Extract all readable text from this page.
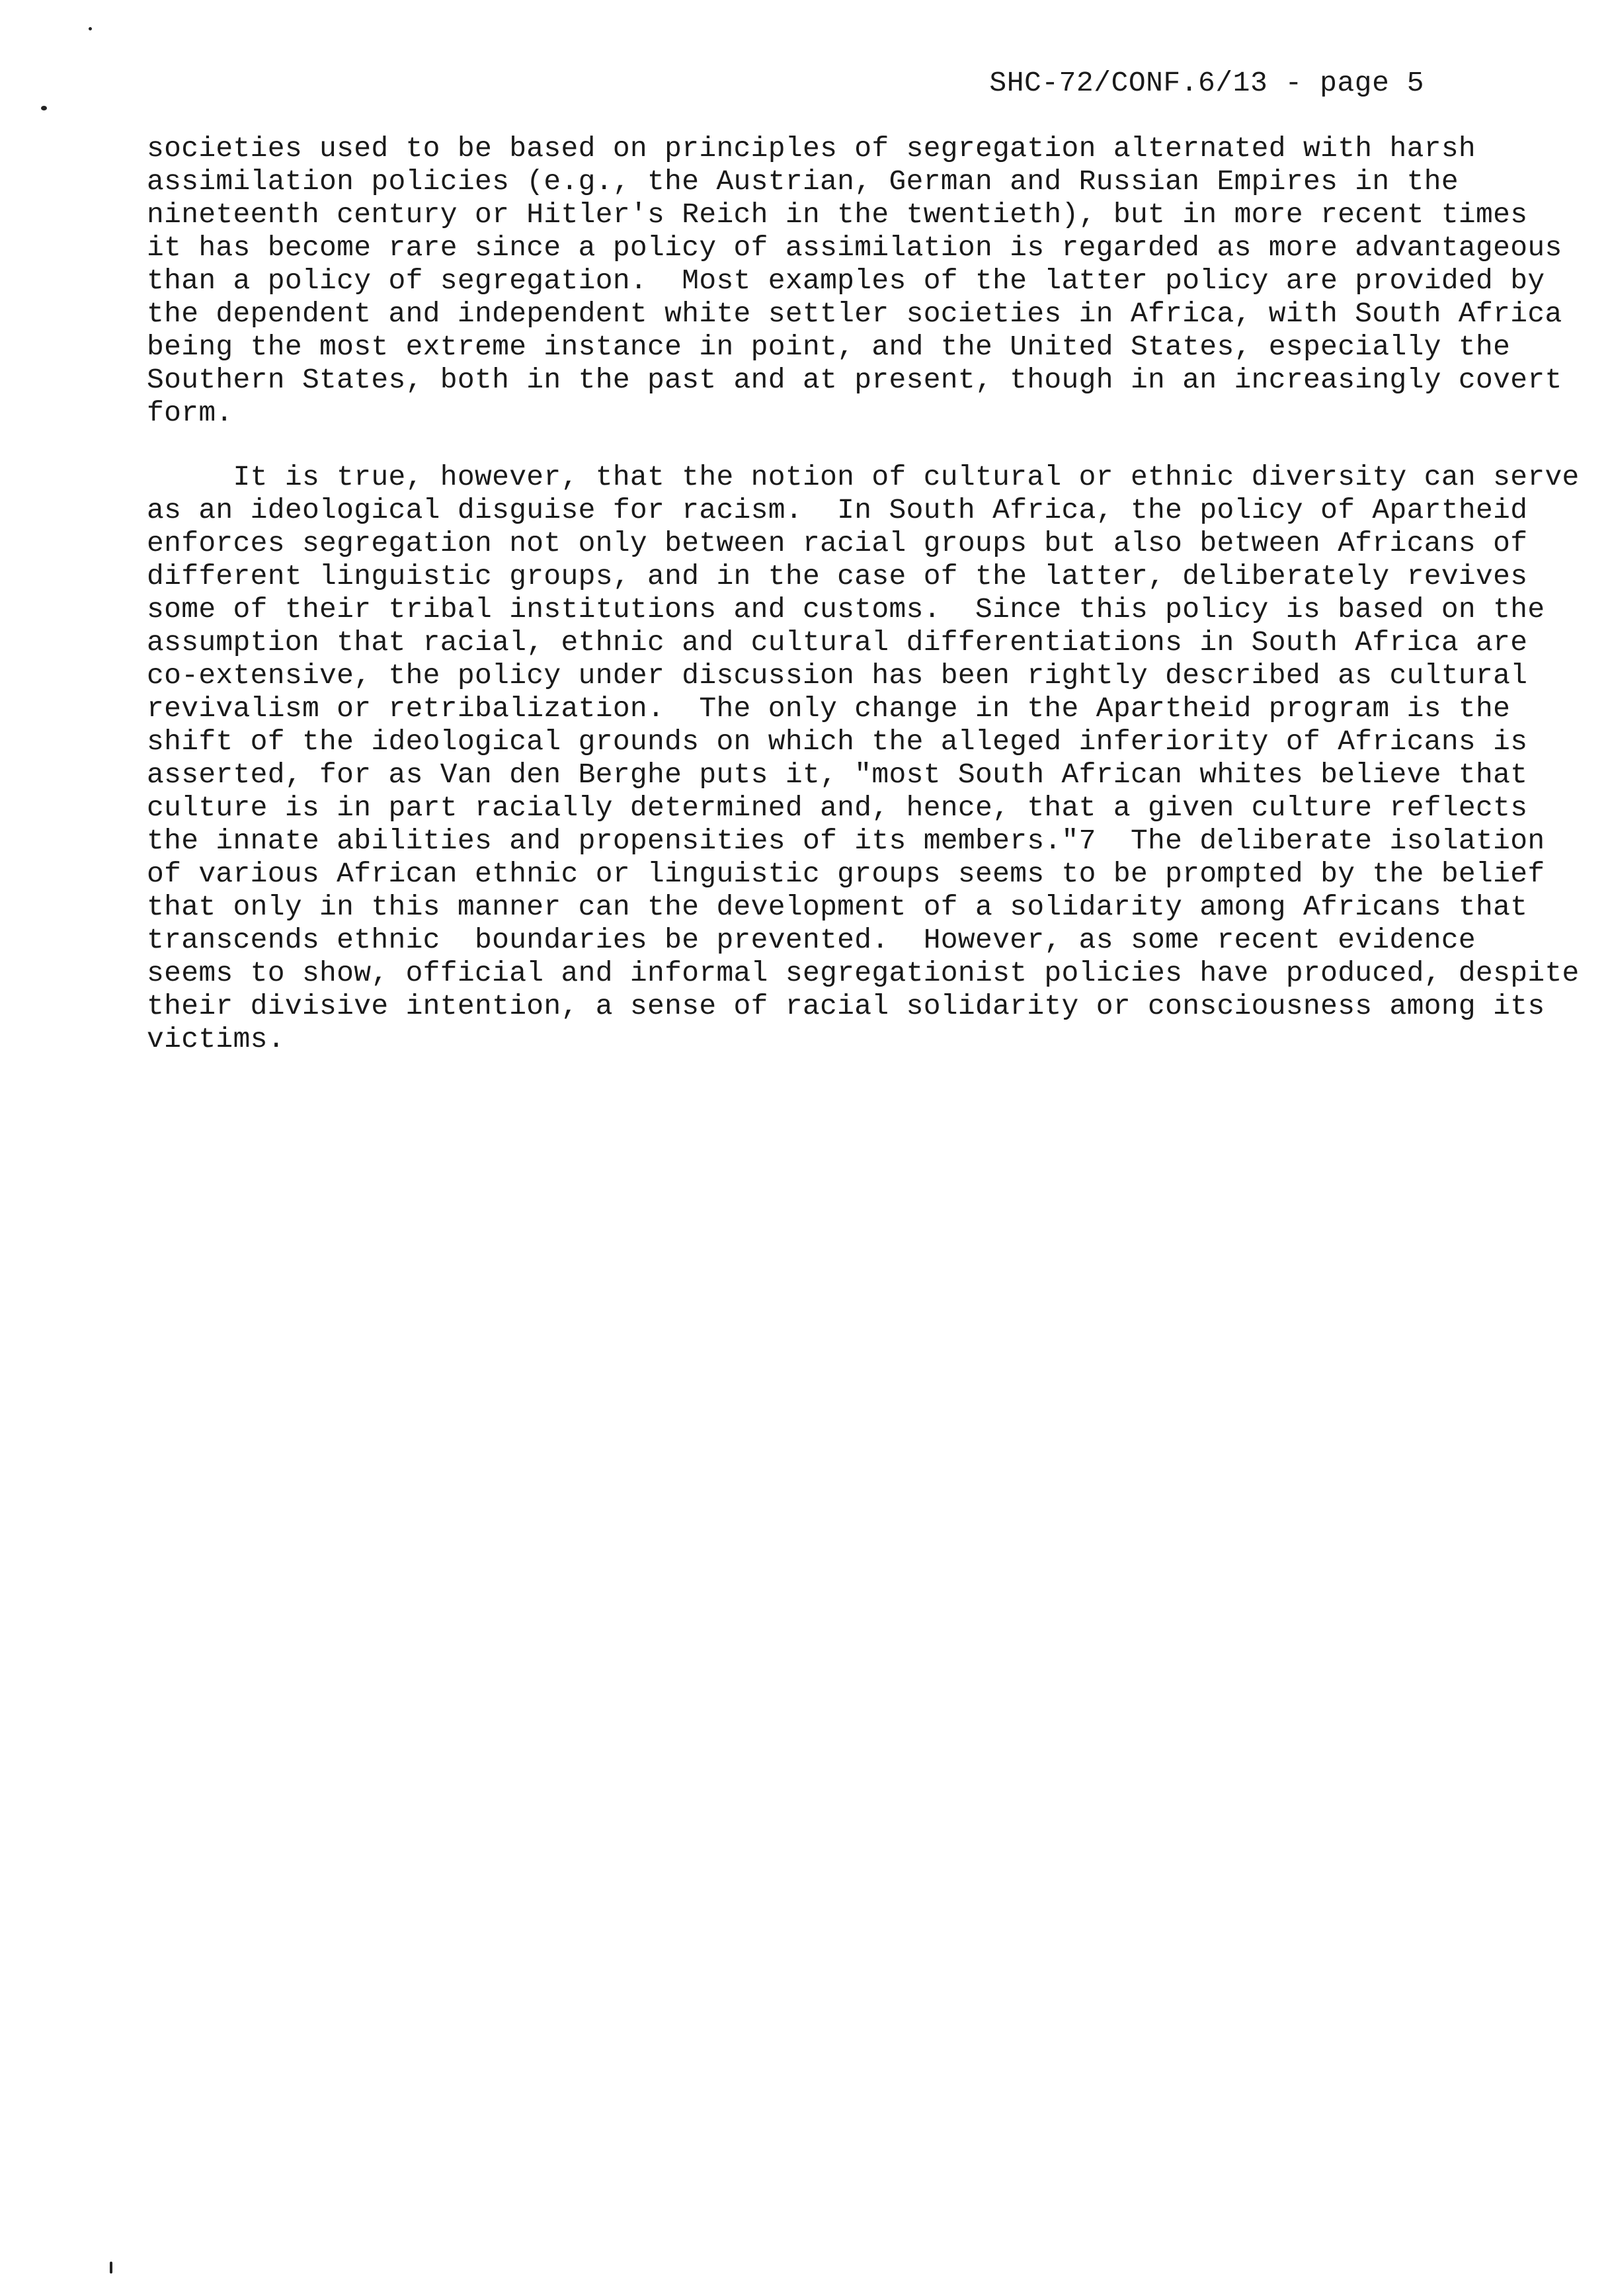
SHC-72/CONF.6/13 - page 5
societies used to be based on principles of segregation alternated with harsh
assimilation policies (e.g., the Austrian, German and Russian Empires in the
nineteenth century or Hitler's Reich in the twentieth), but in more recent times
it has become rare since a policy of assimilation is regarded as more advantageous
than a policy of segregation.  Most examples of the latter policy are provided by
the dependent and independent white settler societies in Africa, with South Africa
being the most extreme instance in point, and the United States, especially the
Southern States, both in the past and at present, though in an increasingly covert
form.
It is true, however, that the notion of cultural or ethnic diversity can serve
as an ideological disguise for racism.  In South Africa, the policy of Apartheid
enforces segregation not only between racial groups but also between Africans of
different linguistic groups, and in the case of the latter, deliberately revives
some of their tribal institutions and customs.  Since this policy is based on the
assumption that racial, ethnic and cultural differentiations in South Africa are
co-extensive, the policy under discussion has been rightly described as cultural
revivalism or retribalization.  The only change in the Apartheid program is the
shift of the ideological grounds on which the alleged inferiority of Africans is
asserted, for as Van den Berghe puts it, "most South African whites believe that
culture is in part racially determined and, hence, that a given culture reflects
the innate abilities and propensities of its members."7  The deliberate isolation
of various African ethnic or linguistic groups seems to be prompted by the belief
that only in this manner can the development of a solidarity among Africans that
transcends ethnic  boundaries be prevented.  However, as some recent evidence
seems to show, official and informal segregationist policies have produced, despite
their divisive intention, a sense of racial solidarity or consciousness among its
victims.
